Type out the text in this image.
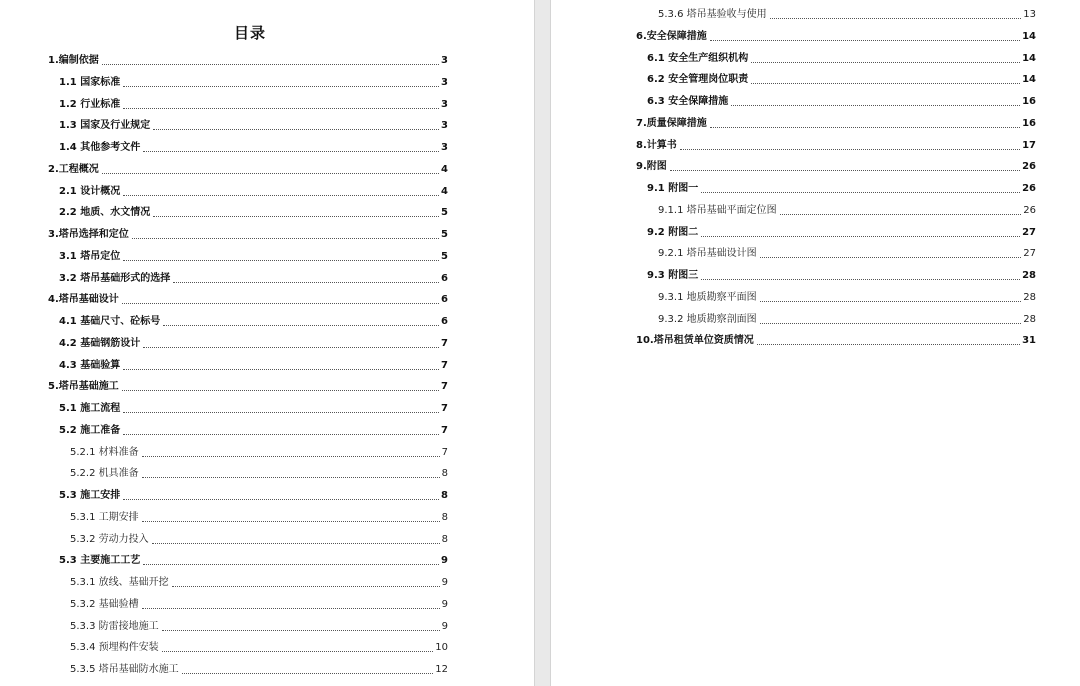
目录
1.编制依据	3
1.1 国家标准	3
1.2 行业标准	3
1.3 国家及行业规定	3
1.4 其他参考文件	3
2.工程概况	4
2.1 设计概况	4
2.2 地质、水文情况	5
3.塔吊选择和定位	5
3.1 塔吊定位	5
3.2 塔吊基础形式的选择	6
4.塔吊基础设计	6
4.1 基础尺寸、砼标号	6
4.2 基础钢筋设计	7
4.3 基础验算	7
5.塔吊基础施工	7
5.1 施工流程	7
5.2 施工准备	7
5.2.1 材料准备	7
5.2.2 机具准备	8
5.3 施工安排	8
5.3.1 工期安排	8
5.3.2 劳动力投入	8
5.3 主要施工工艺	9
5.3.1 放线、基础开挖	9
5.3.2 基础验槽	9
5.3.3 防雷接地施工	9
5.3.4 预埋构件安装	10
5.3.5 塔吊基础防水施工	12
5.3.6 塔吊基验收与使用	13
6.安全保障措施	14
6.1 安全生产组织机构	14
6.2 安全管理岗位职责	14
6.3 安全保障措施	16
7.质量保障措施	16
8.计算书	17
9.附图	26
9.1 附图一	26
9.1.1 塔吊基础平面定位图	26
9.2 附图二	27
9.2.1 塔吊基础设计图	27
9.3 附图三	28
9.3.1 地质勘察平面图	28
9.3.2 地质勘察剖面图	28
10.塔吊租赁单位资质情况	31
